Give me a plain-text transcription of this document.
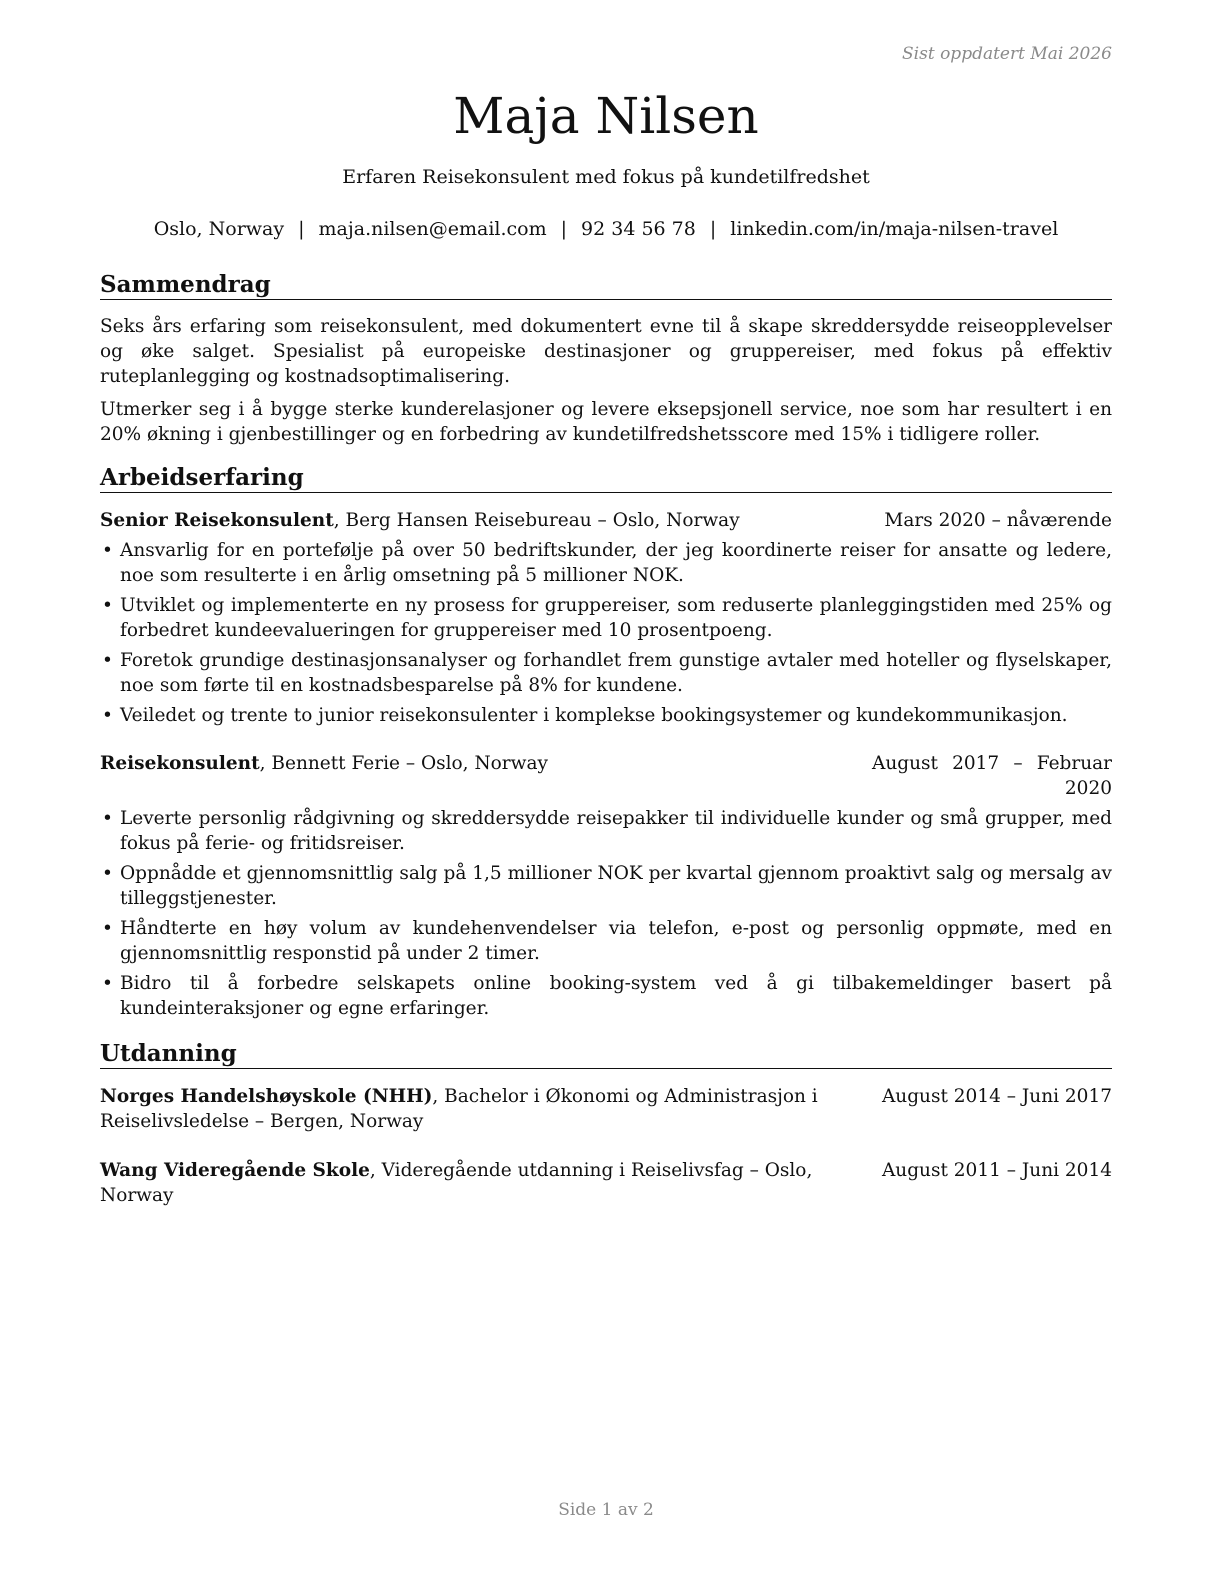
Sist oppdatert Mai 2026
Maja Nilsen
Erfaren Reisekonsulent med fokus på kundetilfredshet
Oslo, Norway | maja.nilsen@email.com | 92 34 56 78 | linkedin.com/in/maja-nilsen-travel
Sammendrag

Seks års erfaring som reisekonsulent, med dokumentert evne til å skape skreddersydde reiseopplevelser og øke salget. Spesialist på europeiske destinasjoner og gruppereiser, med fokus på effektiv ruteplanlegging og kostnadsoptimalisering.

Utmerker seg i å bygge sterke kunderelasjoner og levere eksepsjonell service, noe som har resultert i en 20% økning i gjenbestillinger og en forbedring av kundetilfredshetsscore med 15% i tidligere roller.

Arbeidserfaring
Senior Reisekonsulent, Berg Hansen Reisebureau – Oslo, Norway	Mars 2020 – nåværende
• Ansvarlig for en portefølje på over 50 bedriftskunder, der jeg koordinerte reiser for ansatte og ledere, noe som resulterte i en årlig omsetning på 5 millioner NOK.
• Utviklet og implementerte en ny prosess for gruppereiser, som reduserte planleggingstiden med 25% og forbedret kundeevalueringen for gruppereiser med 10 prosentpoeng.
• Foretok grundige destinasjonsanalyser og forhandlet frem gunstige avtaler med hoteller og flyselskaper, noe som førte til en kostnadsbesparelse på 8% for kundene.
• Veiledet og trente to junior reisekonsulenter i komplekse bookingsystemer og kundekommunikasjon.
Reisekonsulent, Bennett Ferie – Oslo, Norway	August 2017 – Februar 2020
• Leverte personlig rådgivning og skreddersydde reisepakker til individuelle kunder og små grupper, med fokus på ferie- og fritidsreiser.
• Oppnådde et gjennomsnittlig salg på 1,5 millioner NOK per kvartal gjennom proaktivt salg og mersalg av tilleggstjenester.
• Håndterte en høy volum av kundehenvendelser via telefon, e-post og personlig oppmøte, med en gjennomsnittlig responstid på under 2 timer.
• Bidro til å forbedre selskapets online booking-system ved å gi tilbakemeldinger basert på kundeinteraksjoner og egne erfaringer.
Utdanning
Norges Handelshøyskole (NHH), Bachelor i Økonomi og Administrasjon i Reiselivsledelse – Bergen, Norway
August 2014 – Juni 2017
Wang Videregående Skole, Videregående utdanning i Reiselivsfag – Oslo, Norway
August 2011 – Juni 2014
Side 1 av 2
